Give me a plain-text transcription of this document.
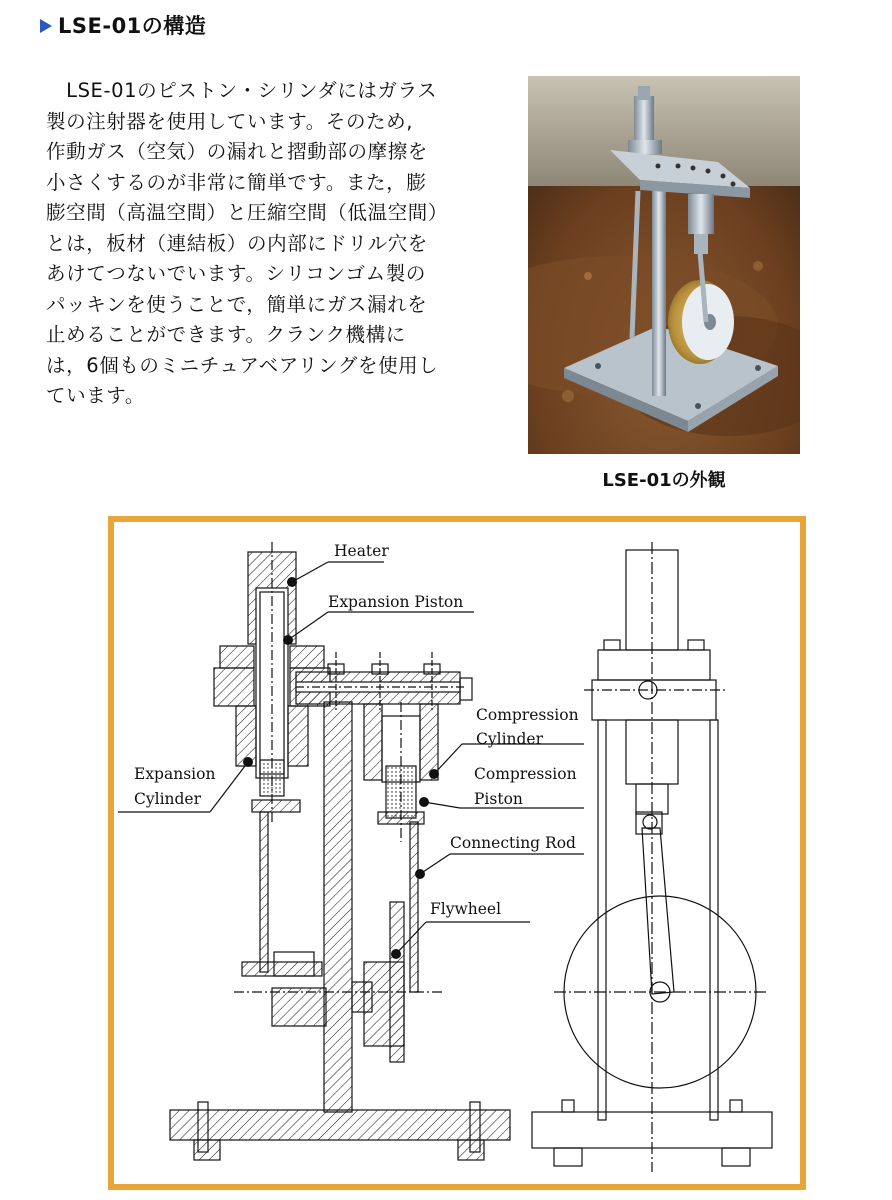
LSE-01の構造
　LSE-01のピストン・シリンダにはガラス
製の注射器を使用しています。そのため,
作動ガス（空気）の漏れと摺動部の摩擦を
小さくするのが非常に簡単です。また，膨
膨空間（高温空間）と圧縮空間（低温空間）
とは，板材（連結板）の内部にドリル穴を
あけてつないでいます。シリコンゴム製の
パッキンを使うことで，簡単にガス漏れを
止めることができます。クランク機構に
は，6個ものミニチュアベアリングを使用し
ています。
LSE-01の外観
Heater
Expansion Piston
Compression
Cylinder
Expansion
Cylinder
Compression
Piston
Connecting Rod
Flywheel
